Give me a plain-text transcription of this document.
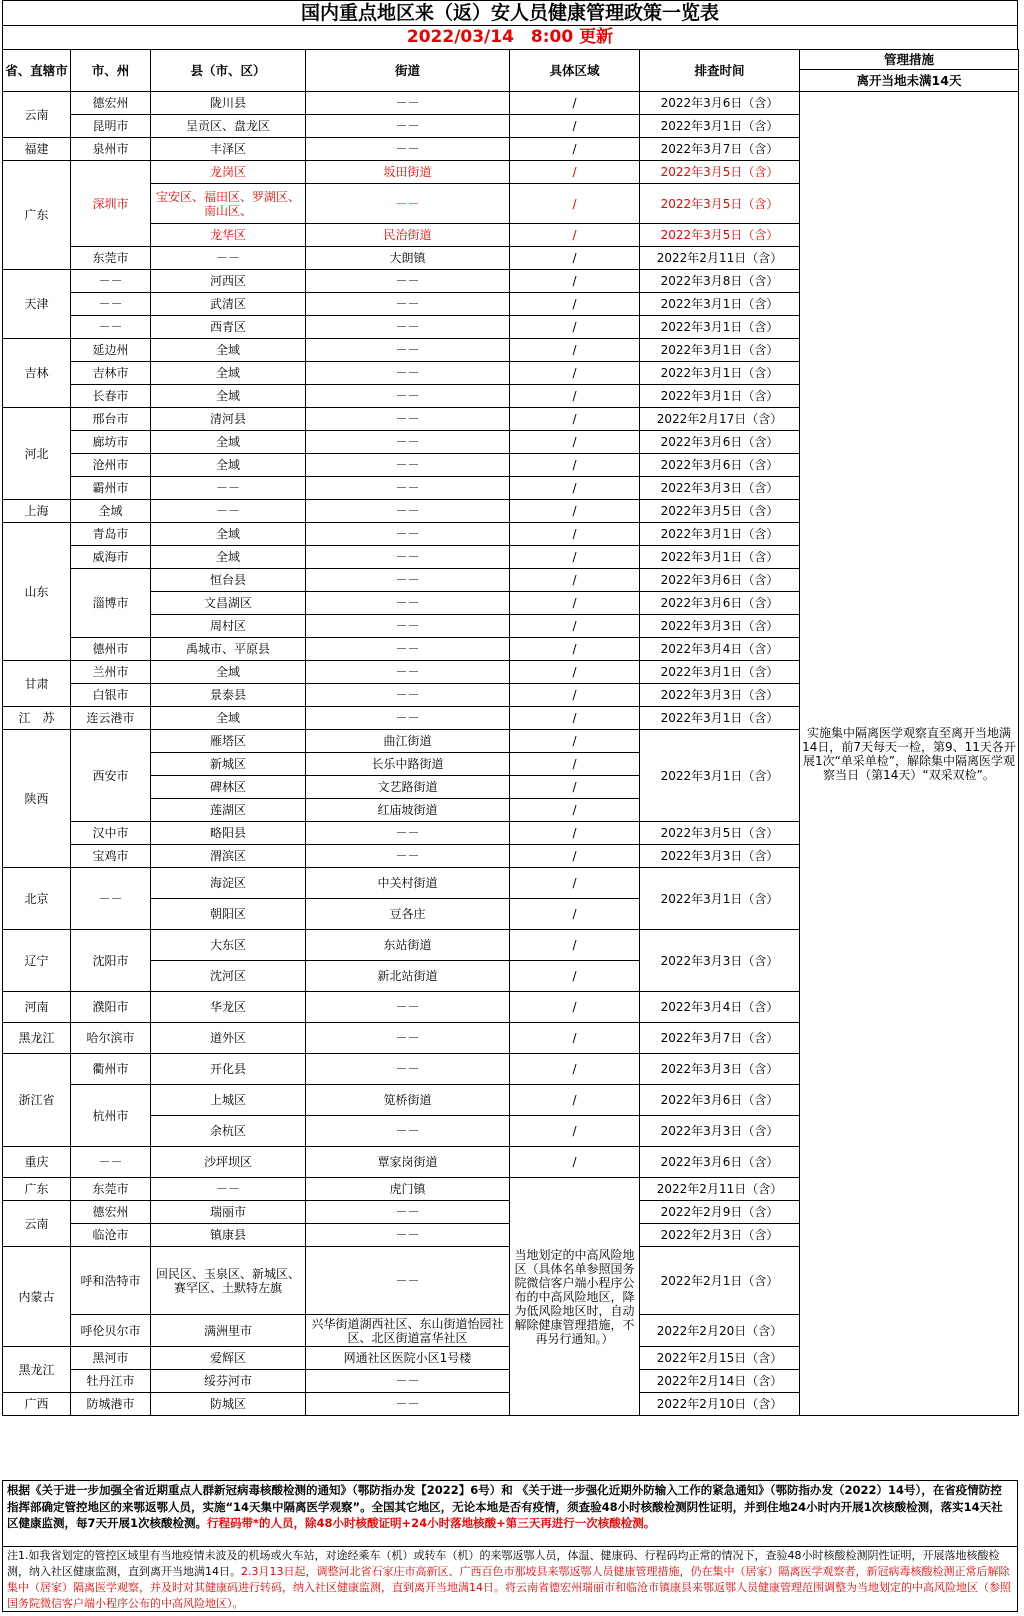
国内重点地区来（返）安人员健康管理政策一览表
2022/03/14　8:00 更新
省、直辖市	市、州	县（市、区）	街道	具体区域	排查时间	管理措施
						离开当地未满14天
云南	德宏州	陇川县	－－	/	2022年3月6日（含）	实施集中隔离医学观察直至离开当地满14日，前7天每天一检，第9、11天各开展1次“单采单检”，解除集中隔离医学观察当日（第14天）“双采双检”。
	昆明市	呈贡区、盘龙区	－－	/	2022年3月1日（含）	
福建	泉州市	丰泽区	－－	/	2022年3月7日（含）	
广东	深圳市	龙岗区	坂田街道	/	2022年3月5日（含）	
		宝安区、福田区、罗湖区、南山区、	－－	/	2022年3月5日（含）	
		龙华区	民治街道	/	2022年3月5日（含）	
	东莞市	－－	大朗镇	/	2022年2月11日（含）	
天津	－－	河西区	－－	/	2022年3月8日（含）	
	－－	武清区	－－	/	2022年3月1日（含）	
	－－	西青区	－－	/	2022年3月1日（含）	
吉林	延边州	全域	－－	/	2022年3月1日（含）	
	吉林市	全域	－－	/	2022年3月1日（含）	
	长春市	全域	－－	/	2022年3月1日（含）	
河北	邢台市	清河县	－－	/	2022年2月17日（含）	
	廊坊市	全域	－－	/	2022年3月6日（含）	
	沧州市	全域	－－	/	2022年3月6日（含）	
	霸州市	－－	－－	/	2022年3月3日（含）	
上海	全域	－－	－－	/	2022年3月5日（含）	
山东	青岛市	全域	－－	/	2022年3月1日（含）	
	威海市	全域	－－	/	2022年3月1日（含）	
	淄博市	恒台县	－－	/	2022年3月6日（含）	
		文昌湖区	－－	/	2022年3月6日（含）	
		周村区	－－	/	2022年3月3日（含）	
	德州市	禹城市、平原县	－－	/	2022年3月4日（含）	
甘肃	兰州市	全域	－－	/	2022年3月1日（含）	
	白银市	景泰县	－－	/	2022年3月3日（含）	
江　苏	连云港市	全域	－－	/	2022年3月1日（含）	
陕西	西安市	雁塔区	曲江街道	/	2022年3月1日（含）	
		新城区	长乐中路街道	/		
		碑林区	文艺路街道	/		
		莲湖区	红庙坡街道	/		
	汉中市	略阳县	－－	/	2022年3月5日（含）	
	宝鸡市	渭滨区	－－	/	2022年3月3日（含）	
北京	－－	海淀区	中关村街道	/	2022年3月1日（含）	
		朝阳区	豆各庄	/		
辽宁	沈阳市	大东区	东站街道	/	2022年3月3日（含）	
		沈河区	新北站街道	/		
河南	濮阳市	华龙区	－－	/	2022年3月4日（含）	
黑龙江	哈尔滨市	道外区	－－	/	2022年3月7日（含）	
浙江省	衢州市	开化县	－－	/	2022年3月3日（含）	
	杭州市	上城区	笕桥街道	/	2022年3月6日（含）	
		余杭区	－－	/	2022年3月3日（含）	
重庆	－－	沙坪坝区	覃家岗街道	/	2022年3月6日（含）	
广东	东莞市	－－	虎门镇	当地划定的中高风险地区（具体名单参照国务院微信客户端小程序公布的中高风险地区，降为低风险地区时，自动解除健康管理措施，不再另行通知。）	2022年2月11日（含）	
云南	德宏州	瑞丽市	－－		2022年2月9日（含）	
	临沧市	镇康县	－－		2022年2月3日（含）	
内蒙古	呼和浩特市	回民区、玉泉区、新城区、赛罕区、土默特左旗	－－		2022年2月1日（含）	
	呼伦贝尔市	满洲里市	兴华街道湖西社区、东山街道怡园社区、北区街道富华社区		2022年2月20日（含）	
黑龙江	黑河市	爱辉区	网通社区医院小区1号楼		2022年2月15日（含）	
	牡丹江市	绥芬河市	－－		2022年2月14日（含）	
广西	防城港市	防城区	－－		2022年2月10日（含）	
根据《关于进一步加强全省近期重点人群新冠病毒核酸检测的通知》（鄂防指办发【2022】6号）和 《关于进一步强化近期外防输入工作的紧急通知》（鄂防指办发（2022）14号），在省疫情防控指挥部确定管控地区的来鄂返鄂人员，实施“14天集中隔离医学观察”。全国其它地区，无论本地是否有疫情，须查验48小时核酸检测阴性证明，并到住地24小时内开展1次核酸检测，落实14天社区健康监测，每7天开展1次核酸检测。行程码带*的人员，除48小时核酸证明+24小时落地核酸+第三天再进行一次核酸检测。
注1.如我省划定的管控区域里有当地疫情未波及的机场或火车站，对途经乘车（机）或转车（机）的来鄂返鄂人员，体温、健康码、行程码均正常的情况下，查验48小时核酸检测阴性证明，开展落地核酸检测，纳入社区健康监测，直到离开当地满14日。2.3月13日起，调整河北省石家庄市高新区、广西百色市那坡县来鄂返鄂人员健康管理措施，仍在集中（居家）隔离医学观察者，新冠病毒核酸检测正常后解除集中（居家）隔离医学观察，并及时对其健康码进行转码，纳入社区健康监测，直到离开当地满14日。将云南省德宏州瑞丽市和临沧市镇康县来鄂返鄂人员健康管理范围调整为当地划定的中高风险地区（参照国务院微信客户端小程序公布的中高风险地区）。
